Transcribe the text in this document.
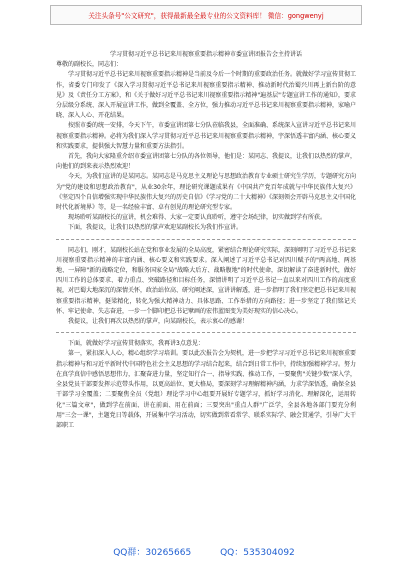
关注头条号"公文研究"，获得最新最全最专业的公文资料库！ 微信：gongwenyj

学习贯彻习近平总书记来川视察重要指示精神市委宣讲团报告会主持讲话

尊敬的副校长，同志们：

学习贯彻习近平总书记来川视察重要指示精神是当前及今后一个时期的重要政治任务。就做好学习宣传贯彻工作，省委专门印发了《深入学习贯彻习近平总书记来川视察重要指示精神、推动新时代治蜀兴川再上新台阶的意见》及《责任分工方案》，和《关于做好习近平总书记来川视察重要指示精神"遍基层"专题宣讲工作的通知》，要求分层级分系统、深入开展宣讲工作，做到全覆盖、全方位，强力推动习近平总书记来川视察重要指示精神，家喻户晓、深入人心、开花结果。

按照市委的统一安排，今天下午，市委宣讲团第七分队莅临我县，全面准确、系统深入宣讲习近平总书记来川视察重要指示精神。必将为我们深入学习贯彻习近平总书记来川视察重要指示精神，宇深悟透丰富内涵、核心要义和实践要求，提供强大智慧力量和重要方法指引。

首先，我向大家隆重介绍市委宣讲团第七分队的各位领导，他们是：某同志、我提议，让我们以热烈的掌声，向他们的到来表示热烈欢迎！

今天，为我们宣讲的是某同志。某同志是马克思主义理论与思想政治教育专业硕士研究生学历，专题研究方向为"党的建设和思想政治教育"，从业30余年，理论研究课题成果有《中国共产党百年成就与中华民族伟大复兴》《坚定四个自信增强实现中华民族伟大复兴的历史自信》《学习党的二十大精神》《深刻领会开辟马克思主义中国化时代化新境界》等，是一名经验丰富、卓有创见的理论研究型专家。

现场聆听某副校长的宣讲，机会难得、大家一定要认真聆听，遵守会场纪律，切实做到学有所获。

下面，我提议，让我们以热烈的掌声欢迎某副校长为我们作宣讲。

同志们，刚才，某副校长站在党和事业发展的全局高度，紧密结合理论研究实际，深刻阐明了习近平总书记来川视察重要指示精神的丰富内涵、核心要义和实践要求。深入阐述了习近平总书记对四川赋予的"两高地、两基地、一屏障"新的战略定位，和服务国家全局"战略大后方、战略腹地"的时代使命，深切解读了奋进新时代，做好四川工作的总体要求、着力重点、突破路径和目标任务，深情讲明了习近平总书记一直以来对四川工作的高度重视，对巴蜀大地深沉的深情关怀，政治站位高、研究阐述深，宣讲讲解透，进一步指明了我们坚定把总书记来川视察重要指示精神，挺梁精化，转化为强大精神动力、具体思路、工作举措的方向路径；进一步坚定了我们铭记关怀、牢记使命、失志奋进，一步一个脚印把总书记擘画的宏伟蓝图变为美好现实的信心决心。

我提议，让我们再次以热烈的掌声，向某副校长，表示衷心的感谢！

下面，就做好学习宣传贯彻落实，我再讲3点意见：

第一，紧扣深入人心，精心组织学习培训。要以此次报告会为契机，进一步把学习习近平总书记来川视察重要指示精神与和习近平新时代中国特色社会主义思想的学习结合起来，结合到日常工作中，持续加强精神学习。努力在真学真信中感悟思想伟力，汇聚奋进力量，坚定知行合一、指导实践、推动工作，一要聚焦"关键少数"深入学，全县党员干部要发挥示范带头作用，以更高站位、更大格局，要深刻学习理解精神内涵，力求学深悟透，确保全县干部学习全覆盖；二要聚焦全员（党组）理论学习中心组要开展好专题学习，抓好学习消化、理解深化，运用转化"三篇文章"，做到学在前面、讲在前面、用在前面；三要突出"重点人群"广泛学，全县各地各部门要充分利用"三会一课"，主题党日等载体，开展集中学习活动，切实做到常看常学、联系实际学、融会贯通学，引导广大干部职工

QQ群：30265665	QQ：535304092
